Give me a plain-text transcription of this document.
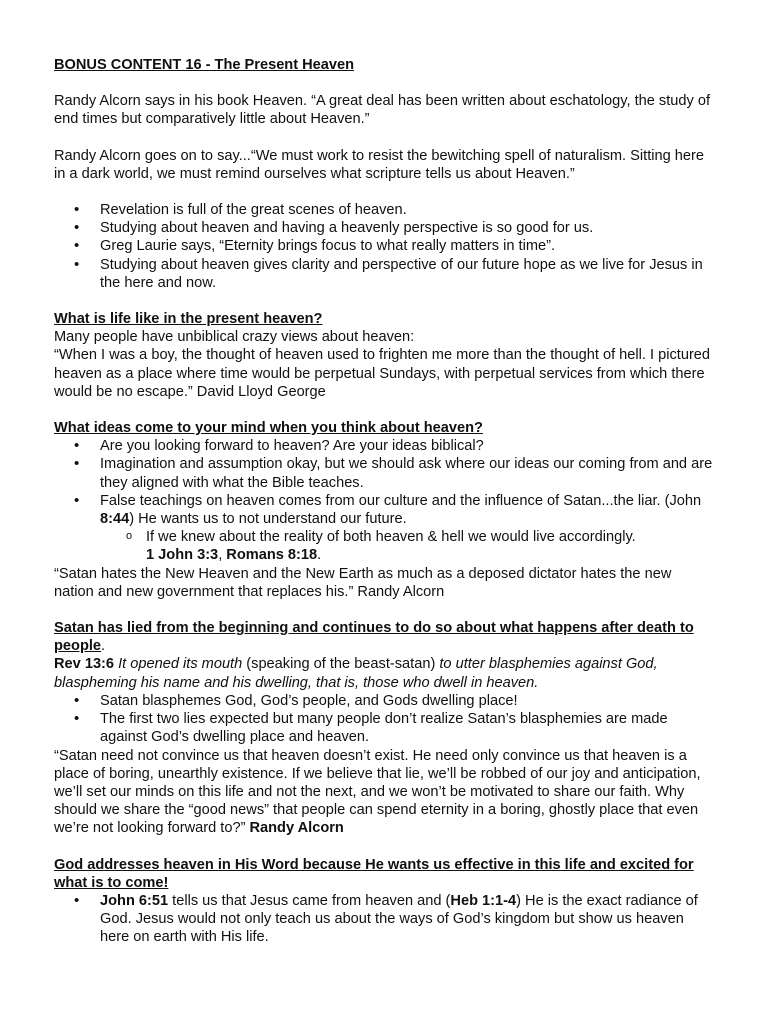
BONUS CONTENT 16 - The Present Heaven

Randy Alcorn says in his book Heaven. “A great deal has been written about eschatology, the study of end times but comparatively little about Heaven.”

Randy Alcorn goes on to say...“We must work to resist the bewitching spell of naturalism. Sitting here in a dark world, we must remind ourselves what scripture tells us about Heaven.”

• Revelation is full of the great scenes of heaven.
• Studying about heaven and having a heavenly perspective is so good for us.
• Greg Laurie says, “Eternity brings focus to what really matters in time”.
• Studying about heaven gives clarity and perspective of our future hope as we live for Jesus in the here and now.

What is life like in the present heaven?

Many people have unbiblical crazy views about heaven:

“When I was a boy, the thought of heaven used to frighten me more than the thought of hell. I pictured heaven as a place where time would be perpetual Sundays, with perpetual services from which there would be no escape.” David Lloyd George

What ideas come to your mind when you think about heaven?

• Are you looking forward to heaven? Are your ideas biblical?
• Imagination and assumption okay, but we should ask where our ideas our coming from and are they aligned with what the Bible teaches.
• False teachings on heaven comes from our culture and the influence of Satan...the liar. (John 8:44) He wants us to not understand our future.
o If we knew about the reality of both heaven & hell we would live accordingly.

1 John 3:3, Romans 8:18.

“Satan hates the New Heaven and the New Earth as much as a deposed dictator hates the new nation and new government that replaces his.” Randy Alcorn

Satan has lied from the beginning and continues to do so about what happens after death to people.

Rev 13:6 It opened its mouth (speaking of the beast-satan) to utter blasphemies against God, blaspheming his name and his dwelling, that is, those who dwell in heaven.

• Satan blasphemes God, God’s people, and Gods dwelling place!
• The first two lies expected but many people don’t realize Satan’s blasphemies are made against God’s dwelling place and heaven.

“Satan need not convince us that heaven doesn’t exist. He need only convince us that heaven is a place of boring, unearthly existence. If we believe that lie, we’ll be robbed of our joy and anticipation, we’ll set our minds on this life and not the next, and we won’t be motivated to share our faith. Why should we share the “good news” that people can spend eternity in a boring, ghostly place that even we’re not looking forward to?” Randy Alcorn

God addresses heaven in His Word because He wants us effective in this life and excited for what is to come!

• John 6:51 tells us that Jesus came from heaven and (Heb 1:1-4) He is the exact radiance of God. Jesus would not only teach us about the ways of God’s kingdom but show us heaven here on earth with His life.
